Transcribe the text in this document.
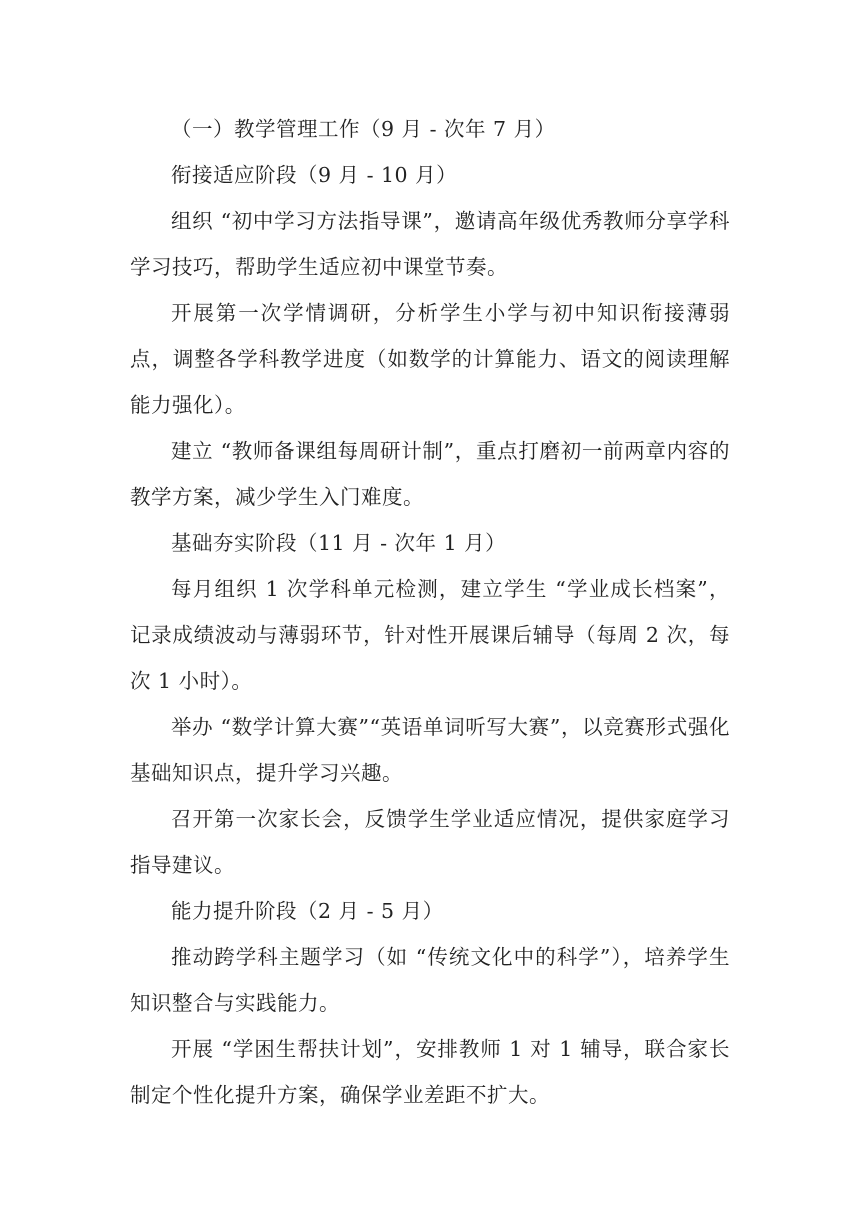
（一）教学管理工作（9 月 - 次年 7 月）

衔接适应阶段（9 月 - 10 月）

组织 “初中学习方法指导课”，邀请高年级优秀教师分享学科学习技巧，帮助学生适应初中课堂节奏。

开展第一次学情调研，分析学生小学与初中知识衔接薄弱点，调整各学科教学进度（如数学的计算能力、语文的阅读理解能力强化）。

建立 “教师备课组每周研计制”，重点打磨初一前两章内容的教学方案，减少学生入门难度。

基础夯实阶段（11 月 - 次年 1 月）

每月组织 1 次学科单元检测，建立学生 “学业成长档案”，记录成绩波动与薄弱环节，针对性开展课后辅导（每周 2 次，每次 1 小时）。

举办 “数学计算大赛”“英语单词听写大赛”，以竞赛形式强化基础知识点，提升学习兴趣。

召开第一次家长会，反馈学生学业适应情况，提供家庭学习指导建议。

能力提升阶段（2 月 - 5 月）

推动跨学科主题学习（如 “传统文化中的科学”），培养学生知识整合与实践能力。

开展 “学困生帮扶计划”，安排教师 1 对 1 辅导，联合家长制定个性化提升方案，确保学业差距不扩大。
